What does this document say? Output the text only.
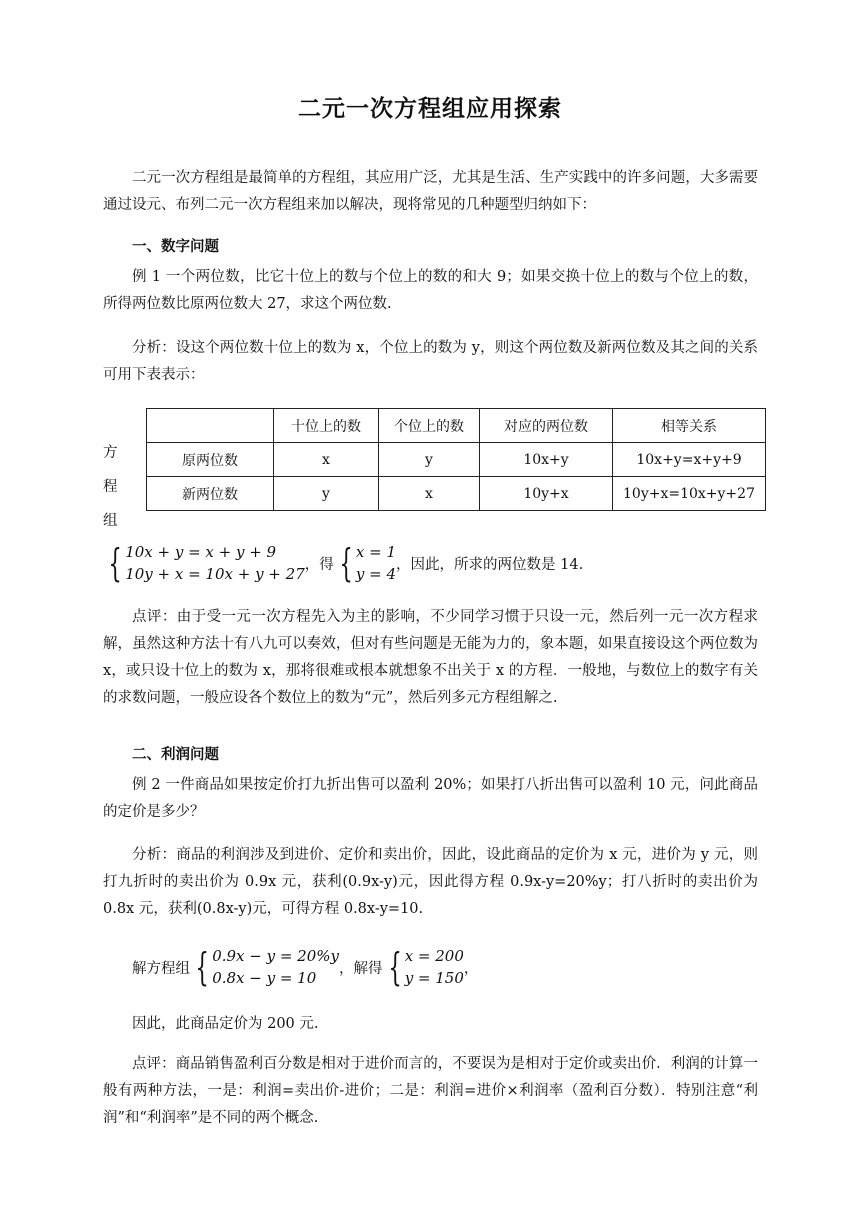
二元一次方程组应用探索

二元一次方程组是最简单的方程组，其应用广泛，尤其是生活、生产实践中的许多问题，大多需要通过设元、布列二元一次方程组来加以解决，现将常见的几种题型归纳如下：

一、数字问题

例 1 一个两位数，比它十位上的数与个位上的数的和大 9；如果交换十位上的数与个位上的数，所得两位数比原两位数大 27，求这个两位数.

分析：设这个两位数十位上的数为 x，个位上的数为 y，则这个两位数及新两位数及其之间的关系可用下表表示：

方
程
组
	十位上的数	个位上的数	对应的两位数	相等关系
原两位数	x	y	10x+y	10x+y=x+y+9
新两位数	y	x	10y+x	10y+x=10x+y+27
{ 10x + y = x + y + 9
10y + x = 10x + y + 27
，得 { x = 1
y = 4
，因此，所求的两位数是 14.

点评：由于受一元一次方程先入为主的影响，不少同学习惯于只设一元，然后列一元一次方程求解，虽然这种方法十有八九可以奏效，但对有些问题是无能为力的，象本题，如果直接设这个两位数为 x，或只设十位上的数为 x，那将很难或根本就想象不出关于 x 的方程．一般地，与数位上的数字有关的求数问题，一般应设各个数位上的数为“元”，然后列多元方程组解之.

二、利润问题

例 2 一件商品如果按定价打九折出售可以盈利 20%；如果打八折出售可以盈利 10 元，问此商品的定价是多少？

分析：商品的利润涉及到进价、定价和卖出价，因此，设此商品的定价为 x 元，进价为 y 元，则打九折时的卖出价为 0.9x 元，获利(0.9x-y)元，因此得方程 0.9x-y=20%y；打八折时的卖出价为 0.8x 元，获利(0.8x-y)元，可得方程 0.8x-y=10.

解方程组 { 0.9x − y = 20%y
0.8x − y = 10
，解得 { x = 200
y = 150
，

因此，此商品定价为 200 元.

点评：商品销售盈利百分数是相对于进价而言的，不要误为是相对于定价或卖出价．利润的计算一般有两种方法，一是：利润=卖出价-进价；二是：利润=进价×利润率（盈利百分数）．特别注意“利润”和“利润率”是不同的两个概念.
